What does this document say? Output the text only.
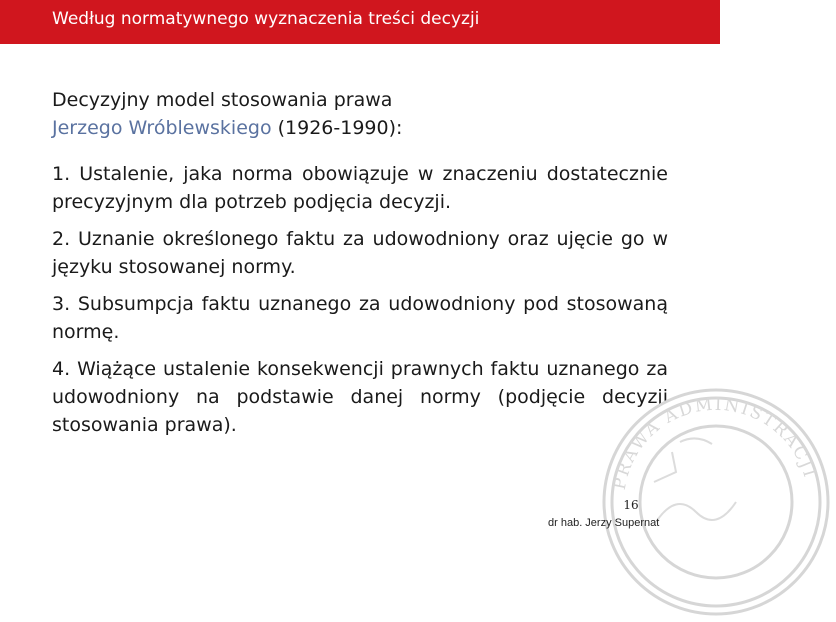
Według normatywnego wyznaczenia treści decyzji

Decyzyjny model stosowania prawa
Jerzego Wróblewskiego (1926-1990):

1. Ustalenie, jaka norma obowiązuje w znaczeniu dostatecznie precyzyjnym dla potrzeb podjęcia decyzji.

2. Uznanie określonego faktu za udowodniony oraz ujęcie go w języku stosowanej normy.

3. Subsumpcja faktu uznanego za udowodniony pod stosowaną normę.

4. Wiążące ustalenie konsekwencji prawnych faktu uznanego za udowodniony na podstawie danej normy (podjęcie decyzji stosowania prawa).

PRAWA ADMINISTRACJI
16
dr hab. Jerzy Supernat
